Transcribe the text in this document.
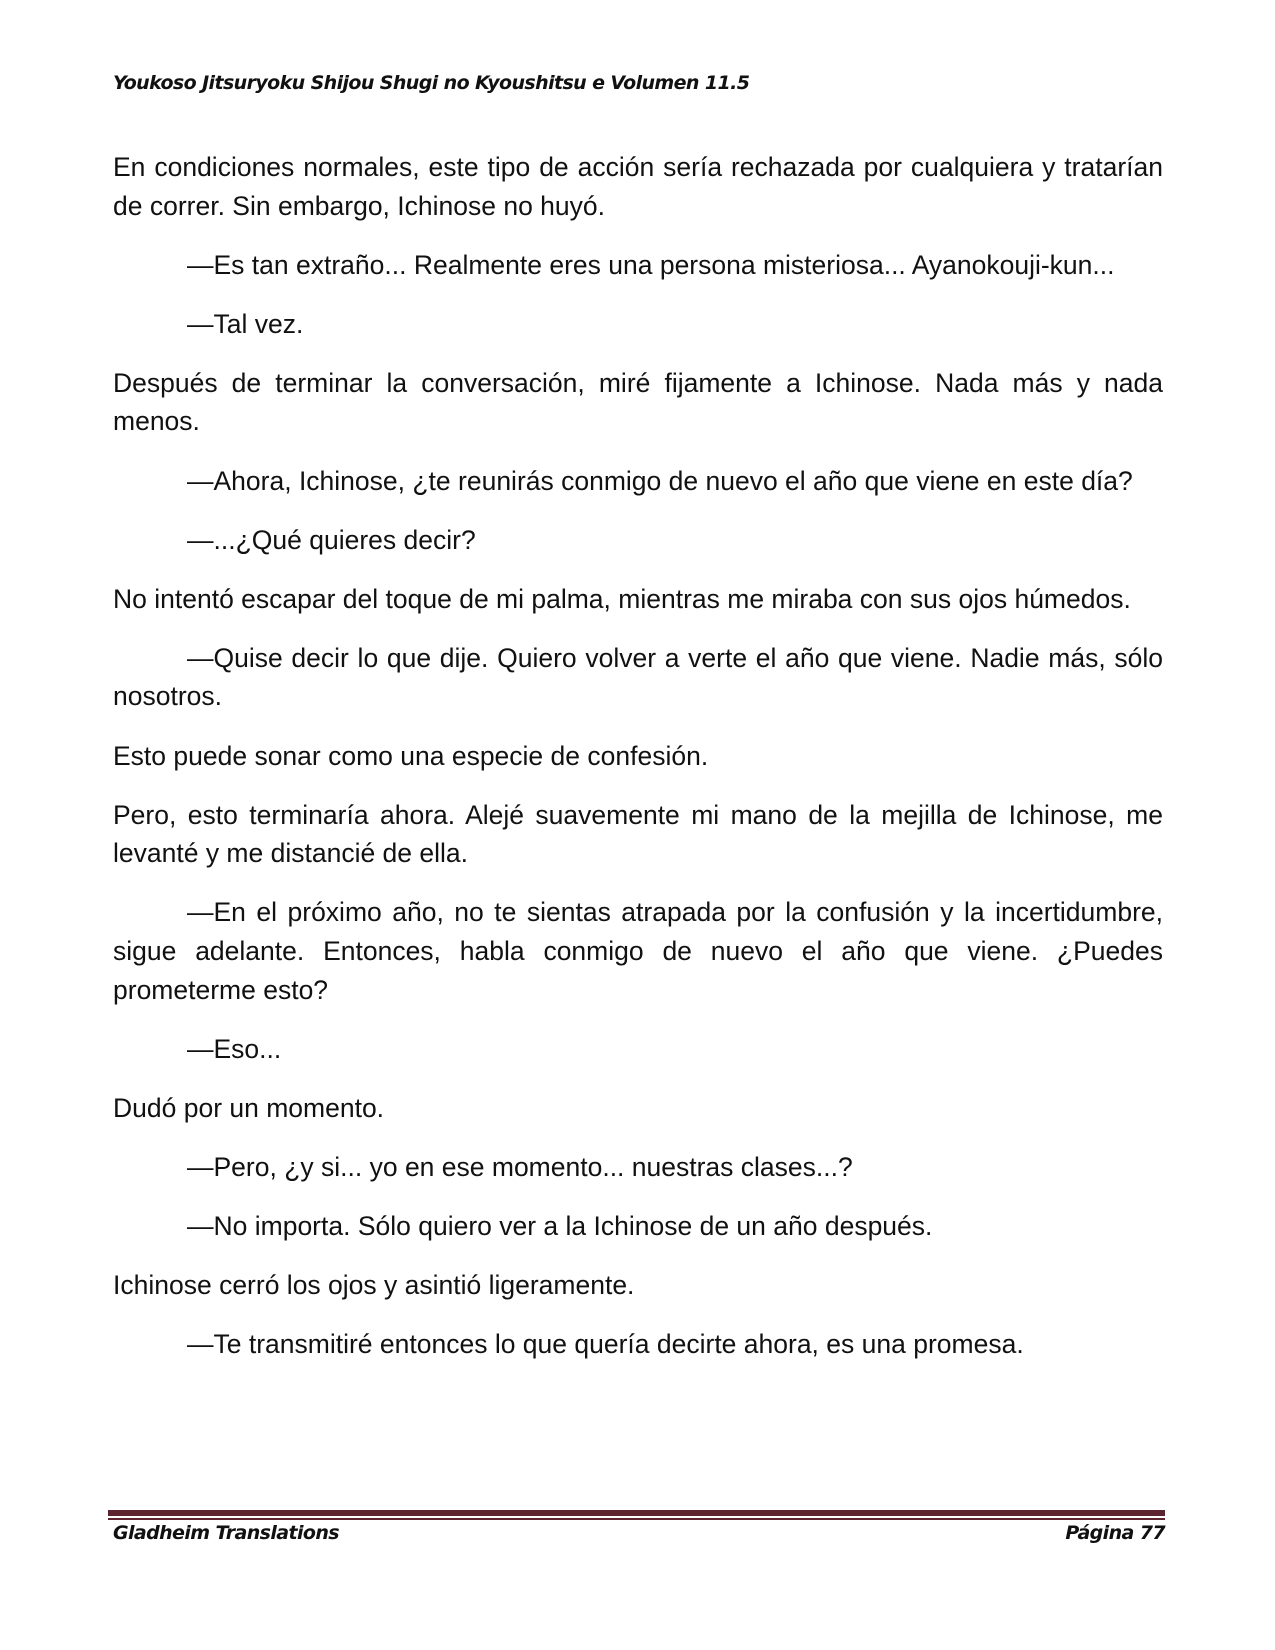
Youkoso Jitsuryoku Shijou Shugi no Kyoushitsu e Volumen 11.5

En condiciones normales, este tipo de acción sería rechazada por cualquiera y tratarían de correr. Sin embargo, Ichinose no huyó.

—Es tan extraño... Realmente eres una persona misteriosa... Ayanokouji-kun...

—Tal vez.

Después de terminar la conversación, miré fijamente a Ichinose. Nada más y nada menos.

—Ahora, Ichinose, ¿te reunirás conmigo de nuevo el año que viene en este día?

—...¿Qué quieres decir?

No intentó escapar del toque de mi palma, mientras me miraba con sus ojos húmedos.

—Quise decir lo que dije. Quiero volver a verte el año que viene. Nadie más, sólo nosotros.

Esto puede sonar como una especie de confesión.

Pero, esto terminaría ahora. Alejé suavemente mi mano de la mejilla de Ichinose, me levanté y me distancié de ella.

—En el próximo año, no te sientas atrapada por la confusión y la incertidumbre, sigue adelante. Entonces, habla conmigo de nuevo el año que viene. ¿Puedes prometerme esto?

—Eso...

Dudó por un momento.

—Pero, ¿y si... yo en ese momento... nuestras clases...?

—No importa. Sólo quiero ver a la Ichinose de un año después.

Ichinose cerró los ojos y asintió ligeramente.

—Te transmitiré entonces lo que quería decirte ahora, es una promesa.

Gladheim Translations	Página 77
